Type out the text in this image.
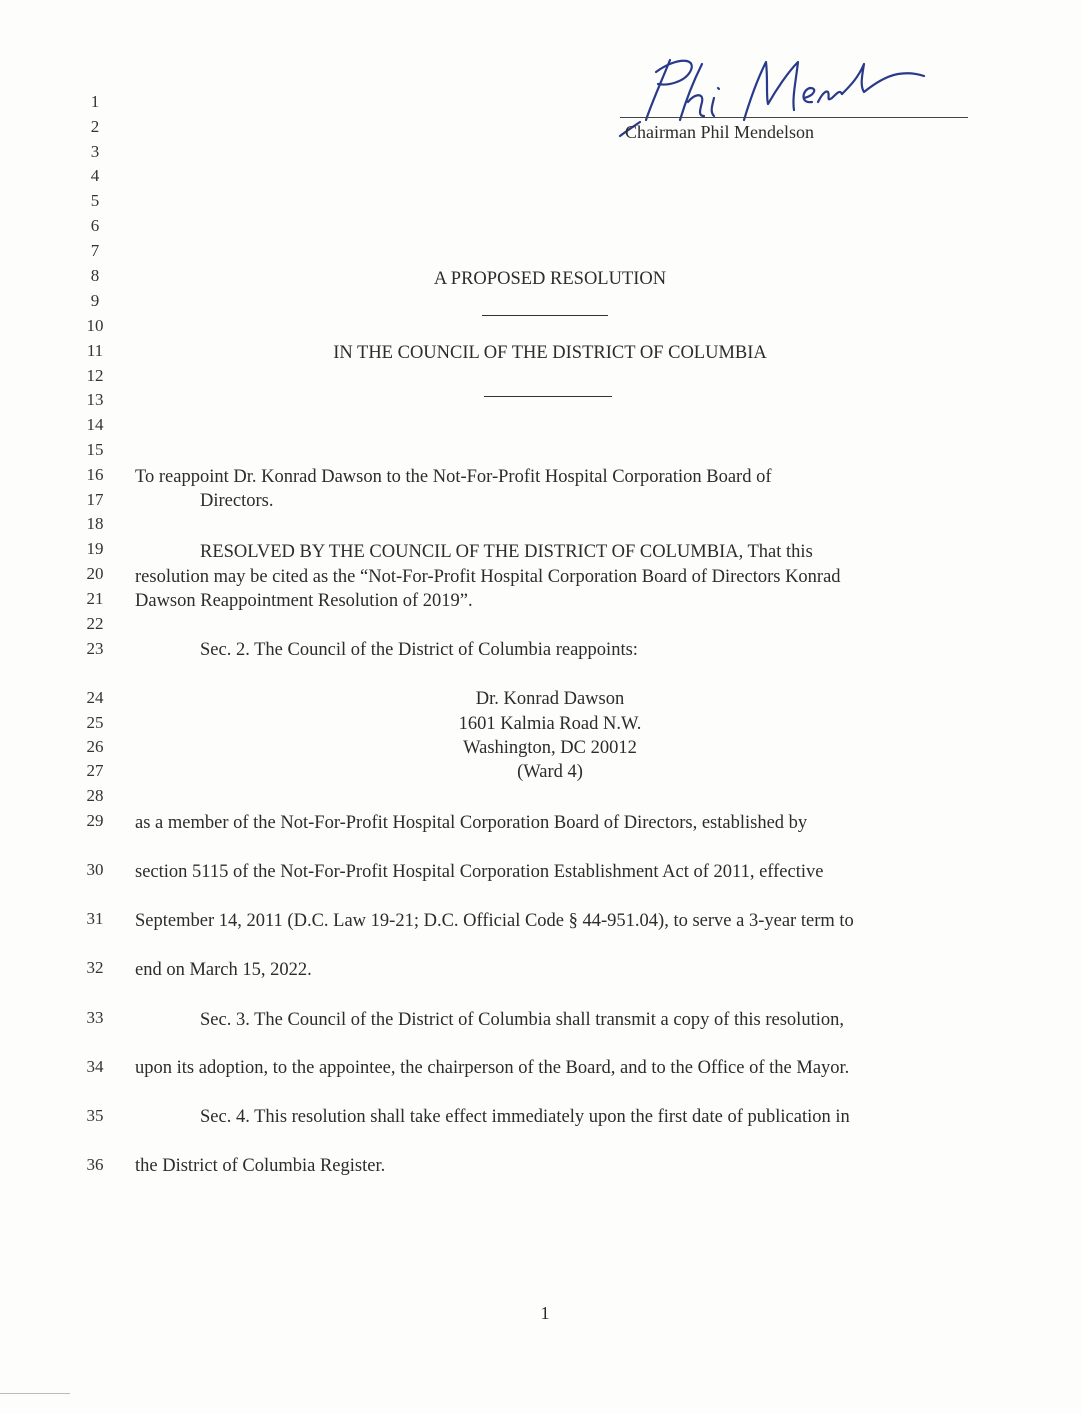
Chairman Phil Mendelson
1
2
3
4
5
6
7
8
9
10
11
12
13
14
15
16
17
18
19
20
21
22
23
24
25
26
27
28
29
30
31
32
33
34
35
36
A PROPOSED RESOLUTION
IN THE COUNCIL OF THE DISTRICT OF COLUMBIA
To reappoint Dr. Konrad Dawson to the Not-For-Profit Hospital Corporation Board of
Directors.
RESOLVED BY THE COUNCIL OF THE DISTRICT OF COLUMBIA, That this
resolution may be cited as the “Not-For-Profit Hospital Corporation Board of Directors Konrad
Dawson Reappointment Resolution of 2019”.
Sec. 2. The Council of the District of Columbia reappoints:
Dr. Konrad Dawson
1601 Kalmia Road N.W.
Washington, DC 20012
(Ward 4)
as a member of the Not-For-Profit Hospital Corporation Board of Directors, established by
section 5115 of the Not-For-Profit Hospital Corporation Establishment Act of 2011, effective
September 14, 2011 (D.C. Law 19-21; D.C. Official Code § 44-951.04), to serve a 3-year term to
end on March 15, 2022.
Sec. 3. The Council of the District of Columbia shall transmit a copy of this resolution,
upon its adoption, to the appointee, the chairperson of the Board, and to the Office of the Mayor.
Sec. 4. This resolution shall take effect immediately upon the first date of publication in
the District of Columbia Register.
1
